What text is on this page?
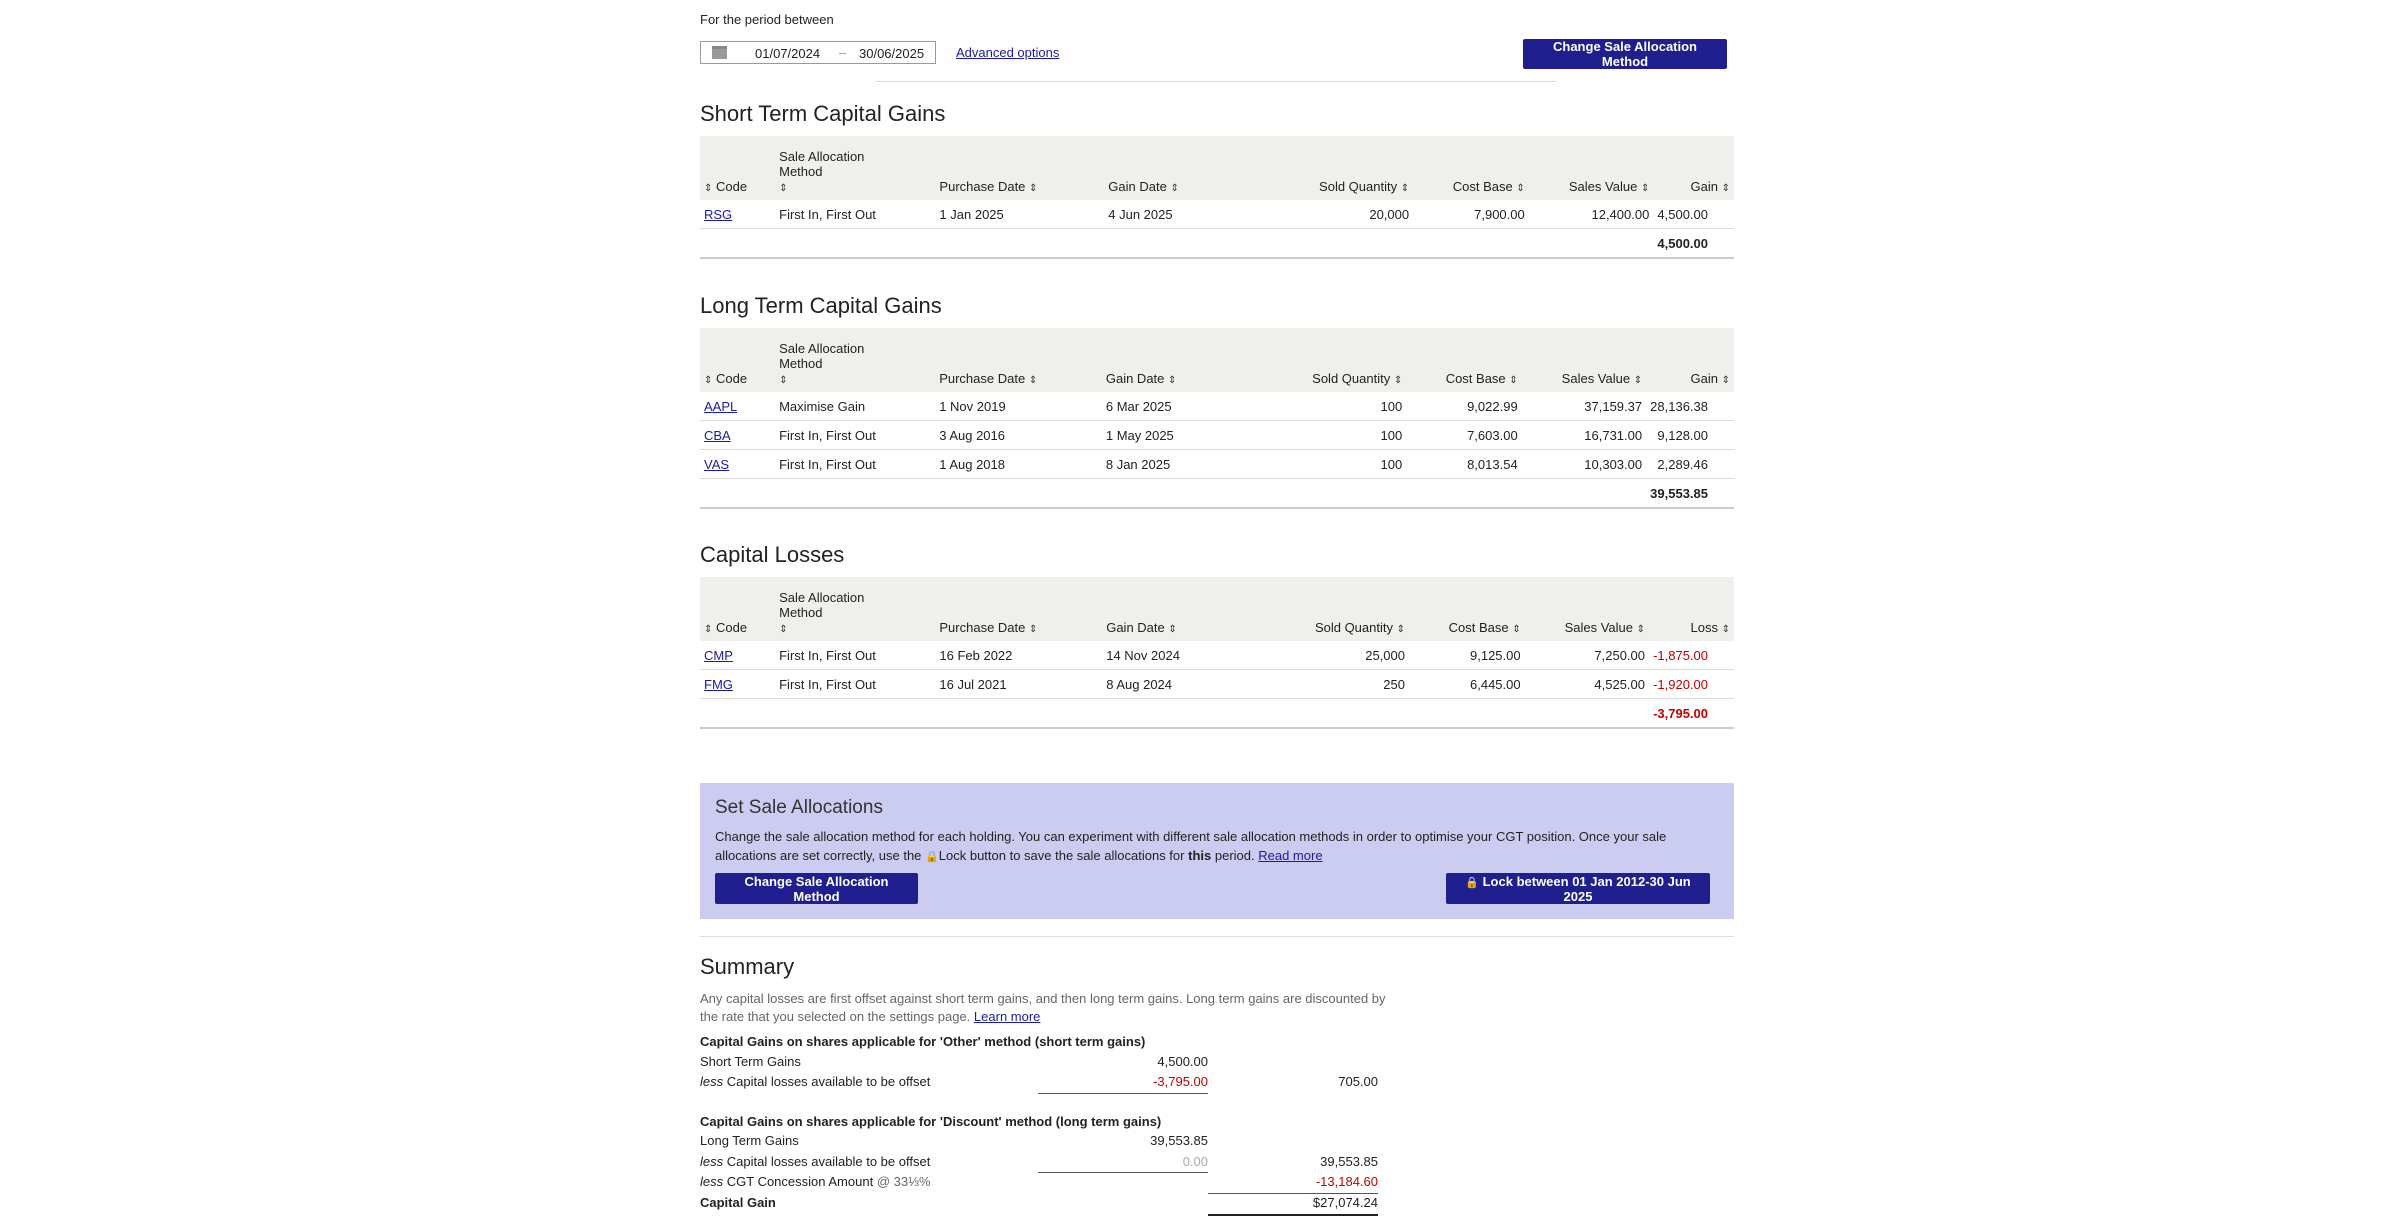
For the period between
01/07/2024 – 30/06/2025 Advanced options	Change Sale Allocation Method
Short Term Capital Gains
⇕ Code	Sale Allocation
Method
⇕	Purchase Date ⇕	Gain Date ⇕	Sold Quantity ⇕	Cost Base ⇕	Sales Value ⇕	Gain ⇕
RSG	First In, First Out	1 Jan 2025	4 Jun 2025	20,000	7,900.00	12,400.00	4,500.00
							4,500.00
Long Term Capital Gains
⇕ Code	Sale Allocation
Method
⇕	Purchase Date ⇕	Gain Date ⇕	Sold Quantity ⇕	Cost Base ⇕	Sales Value ⇕	Gain ⇕
AAPL	Maximise Gain	1 Nov 2019	6 Mar 2025	100	9,022.99	37,159.37	28,136.38
CBA	First In, First Out	3 Aug 2016	1 May 2025	100	7,603.00	16,731.00	9,128.00
VAS	First In, First Out	1 Aug 2018	8 Jan 2025	100	8,013.54	10,303.00	2,289.46
							39,553.85
Capital Losses
⇕ Code	Sale Allocation
Method
⇕	Purchase Date ⇕	Gain Date ⇕	Sold Quantity ⇕	Cost Base ⇕	Sales Value ⇕	Loss ⇕
CMP	First In, First Out	16 Feb 2022	14 Nov 2024	25,000	9,125.00	7,250.00	-1,875.00
FMG	First In, First Out	16 Jul 2021	8 Aug 2024	250	6,445.00	4,525.00	-1,920.00
							-3,795.00
Set Sale Allocations

Change the sale allocation method for each holding. You can experiment with different sale allocation methods in order to optimise your CGT position. Once your sale allocations are set correctly, use the 🔒Lock button to save the sale allocations for this period. Read more

Change Sale Allocation Method
🔒 Lock between 01 Jan 2012-30 Jun 2025
Summary

Any capital losses are first offset against short term gains, and then long term gains. Long term gains are discounted by the rate that you selected on the settings page. Learn more

Capital Gains on shares applicable for 'Other' method (short term gains)
Short Term Gains	4,500.00
less Capital losses available to be offset	-3,795.00	705.00
Capital Gains on shares applicable for 'Discount' method (long term gains)
Long Term Gains	39,553.85
less Capital losses available to be offset	0.00	39,553.85
less CGT Concession Amount @ 33⅓%	-13,184.60
Capital Gain	$27,074.24
